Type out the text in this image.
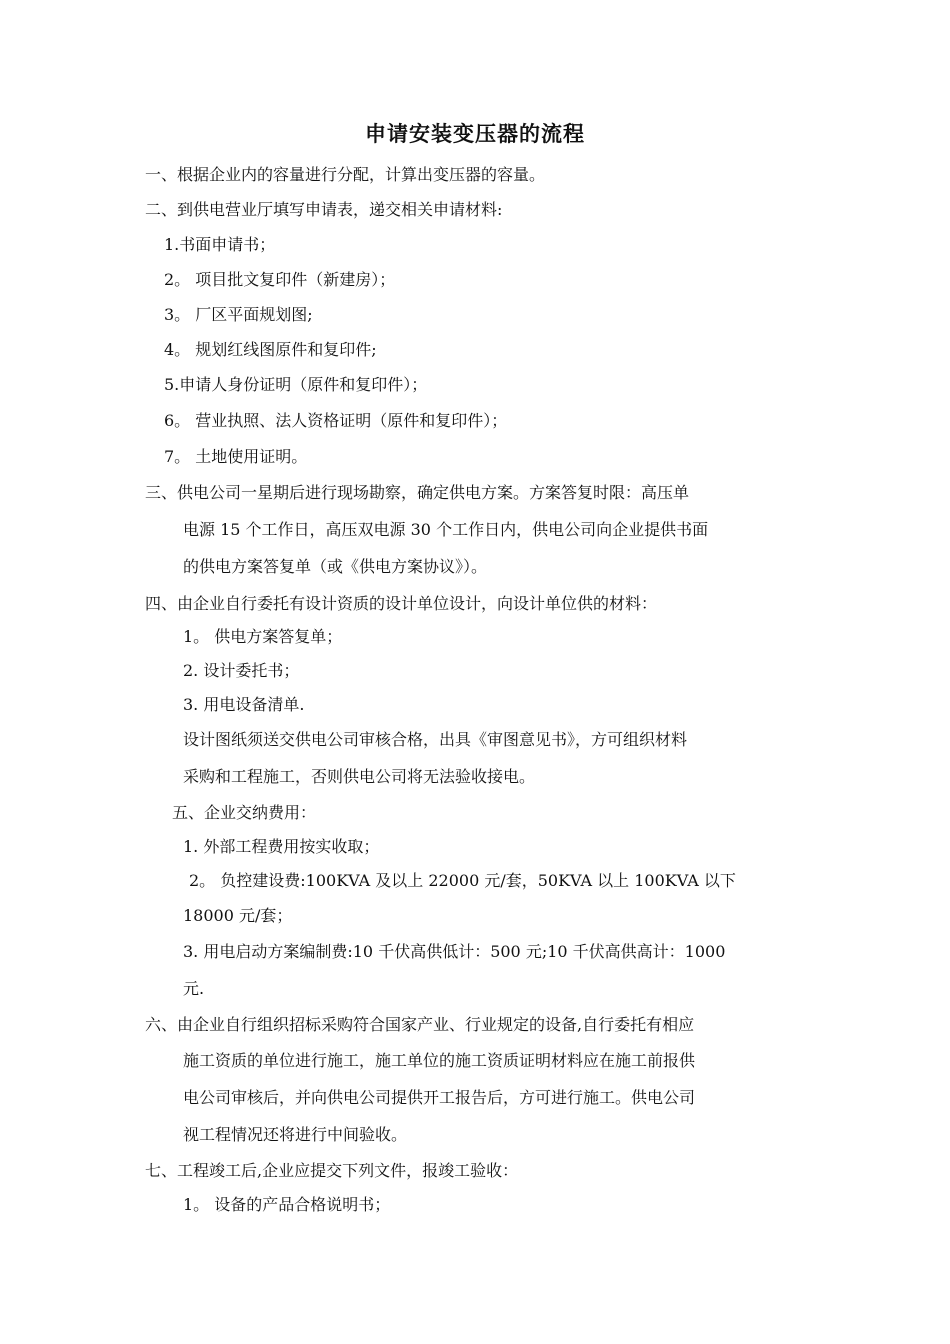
申请安装变压器的流程
一、根据企业内的容量进行分配，计算出变压器的容量。
二、到供电营业厅填写申请表，递交相关申请材料:
1.书面申请书；
2。 项目批文复印件（新建房）；
3。 厂区平面规划图;
4。 规划红线图原件和复印件;
5.申请人身份证明（原件和复印件）；
6。 营业执照、法人资格证明（原件和复印件）；
7。 土地使用证明。
三、供电公司一星期后进行现场勘察，确定供电方案。方案答复时限：高压单
电源 15 个工作日，高压双电源 30 个工作日内，供电公司向企业提供书面
的供电方案答复单（或《供电方案协议》）。
四、由企业自行委托有设计资质的设计单位设计，向设计单位供的材料：
1。 供电方案答复单；
2. 设计委托书；
3. 用电设备清单.
设计图纸须送交供电公司审核合格，出具《审图意见书》，方可组织材料
采购和工程施工，否则供电公司将无法验收接电。
五、企业交纳费用：
1. 外部工程费用按实收取；
2。 负控建设费:100KVA 及以上 22000 元/套，50KVA 以上 100KVA 以下
18000 元/套；
3. 用电启动方案编制费:10 千伏高供低计：500 元;10 千伏高供高计：1000
元.
六、由企业自行组织招标采购符合国家产业、行业规定的设备,自行委托有相应
施工资质的单位进行施工，施工单位的施工资质证明材料应在施工前报供
电公司审核后，并向供电公司提供开工报告后，方可进行施工。供电公司
视工程情况还将进行中间验收。
七、工程竣工后,企业应提交下列文件，报竣工验收：
1。 设备的产品合格说明书；
